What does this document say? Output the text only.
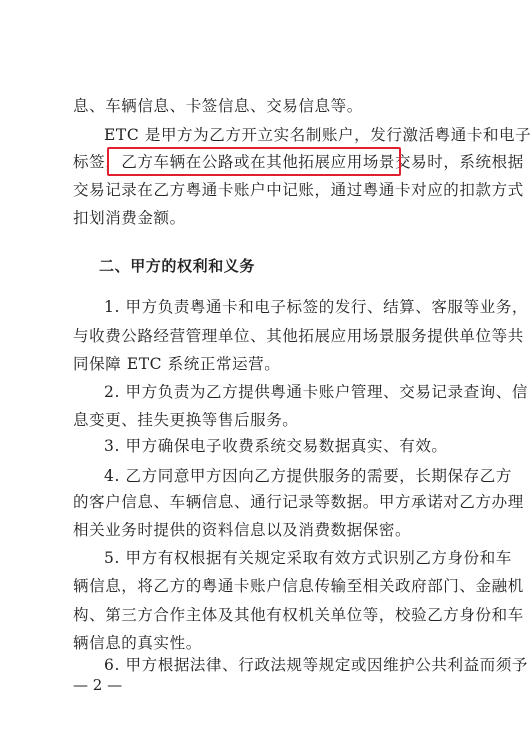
息、车辆信息、卡签信息、交易信息等。
ETC 是甲方为乙方开立实名制账户，发行激活粤通卡和电子
标签，乙方车辆在公路或在其他拓展应用场景交易时，系统根据
交易记录在乙方粤通卡账户中记账，通过粤通卡对应的扣款方式
扣划消费金额。
二、甲方的权利和义务
1. 甲方负责粤通卡和电子标签的发行、结算、客服等业务，
与收费公路经营管理单位、其他拓展应用场景服务提供单位等共
同保障 ETC 系统正常运营。
2. 甲方负责为乙方提供粤通卡账户管理、交易记录查询、信
息变更、挂失更换等售后服务。
3. 甲方确保电子收费系统交易数据真实、有效。
4. 乙方同意甲方因向乙方提供服务的需要，长期保存乙方
的客户信息、车辆信息、通行记录等数据。甲方承诺对乙方办理
相关业务时提供的资料信息以及消费数据保密。
5. 甲方有权根据有关规定采取有效方式识别乙方身份和车
辆信息，将乙方的粤通卡账户信息传输至相关政府部门、金融机
构、第三方合作主体及其他有权机关单位等，校验乙方身份和车
辆信息的真实性。
6. 甲方根据法律、行政法规等规定或因维护公共利益而须予
— 2 —
